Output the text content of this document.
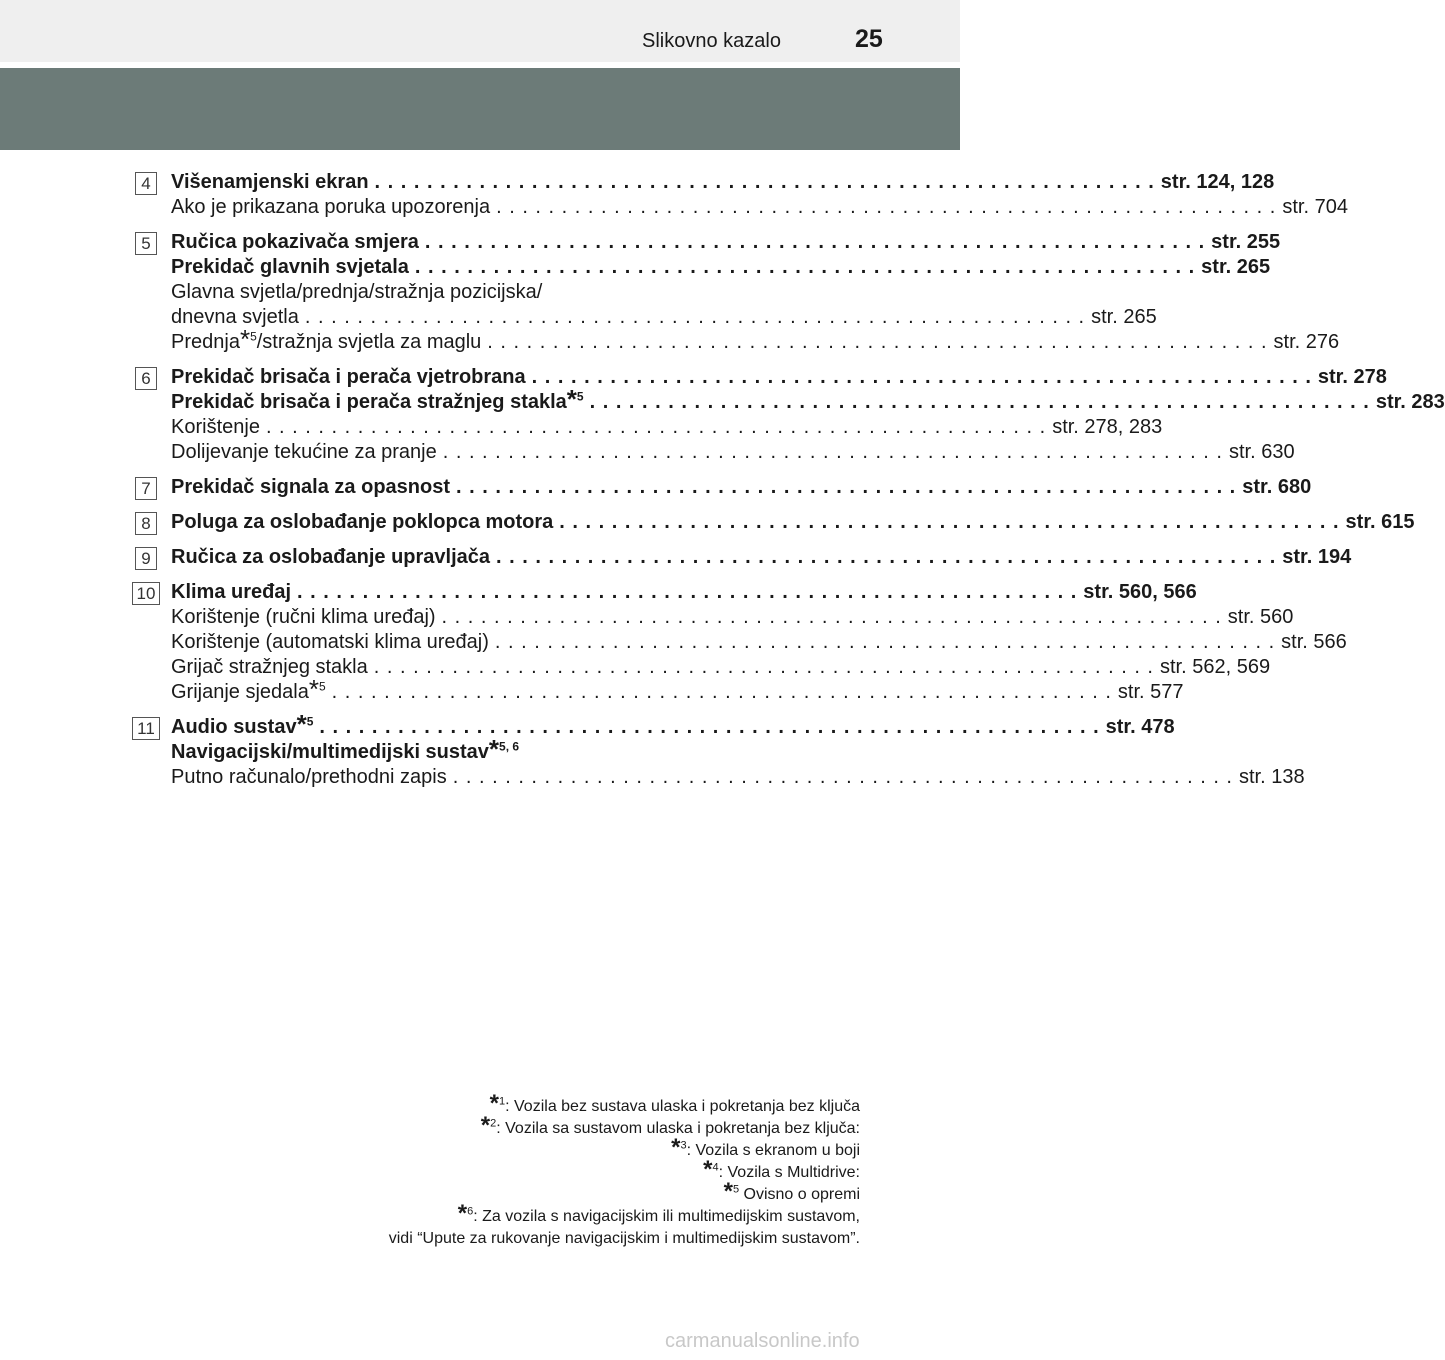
Slikovno kazalo	25
4	Višenamjenski ekran . . . . . . . . . . . . . . . . . . . . . . . . . . . . . . . . . . . . . . . . . . . . . . . . . . . . . . . . . . . . str. 124, 128
Ako je prikazana poruka upozorenja . . . . . . . . . . . . . . . . . . . . . . . . . . . . . . . . . . . . . . . . . . . . . . . . . . . . . . . . . . . . str. 704
5	Ručica pokazivača smjera . . . . . . . . . . . . . . . . . . . . . . . . . . . . . . . . . . . . . . . . . . . . . . . . . . . . . . . . . . . . str. 255
Prekidač glavnih svjetala . . . . . . . . . . . . . . . . . . . . . . . . . . . . . . . . . . . . . . . . . . . . . . . . . . . . . . . . . . . . str. 265
Glavna svjetla/prednja/stražnja pozicijska/
dnevna svjetla . . . . . . . . . . . . . . . . . . . . . . . . . . . . . . . . . . . . . . . . . . . . . . . . . . . . . . . . . . . . str. 265
Prednja*$^5$/stražnja svjetla za maglu . . . . . . . . . . . . . . . . . . . . . . . . . . . . . . . . . . . . . . . . . . . . . . . . . . . . . . . . . . . . str. 276
6	Prekidač brisača i perača vjetrobrana . . . . . . . . . . . . . . . . . . . . . . . . . . . . . . . . . . . . . . . . . . . . . . . . . . . . . . . . . . . . str. 278
Prekidač brisača i perača stražnjeg stakla*$^5$ . . . . . . . . . . . . . . . . . . . . . . . . . . . . . . . . . . . . . . . . . . . . . . . . . . . . . . . . . . . . str. 283
Korištenje . . . . . . . . . . . . . . . . . . . . . . . . . . . . . . . . . . . . . . . . . . . . . . . . . . . . . . . . . . . . str. 278, 283
Dolijevanje tekućine za pranje . . . . . . . . . . . . . . . . . . . . . . . . . . . . . . . . . . . . . . . . . . . . . . . . . . . . . . . . . . . . str. 630
7	Prekidač signala za opasnost . . . . . . . . . . . . . . . . . . . . . . . . . . . . . . . . . . . . . . . . . . . . . . . . . . . . . . . . . . . . str. 680
8	Poluga za oslobađanje poklopca motora . . . . . . . . . . . . . . . . . . . . . . . . . . . . . . . . . . . . . . . . . . . . . . . . . . . . . . . . . . . . str. 615
9	Ručica za oslobađanje upravljača . . . . . . . . . . . . . . . . . . . . . . . . . . . . . . . . . . . . . . . . . . . . . . . . . . . . . . . . . . . . str. 194
10 Klima uređaj . . . . . . . . . . . . . . . . . . . . . . . . . . . . . . . . . . . . . . . . . . . . . . . . . . . . . . . . . . . . str. 560, 566
Korištenje (ručni klima uređaj) . . . . . . . . . . . . . . . . . . . . . . . . . . . . . . . . . . . . . . . . . . . . . . . . . . . . . . . . . . . . str. 560
Korištenje (automatski klima uređaj) . . . . . . . . . . . . . . . . . . . . . . . . . . . . . . . . . . . . . . . . . . . . . . . . . . . . . . . . . . . . str. 566
Grijač stražnjeg stakla . . . . . . . . . . . . . . . . . . . . . . . . . . . . . . . . . . . . . . . . . . . . . . . . . . . . . . . . . . . . str. 562, 569
Grijanje sjedala*$^5$ . . . . . . . . . . . . . . . . . . . . . . . . . . . . . . . . . . . . . . . . . . . . . . . . . . . . . . . . . . . . str. 577
11 Audio sustav*$^5$ . . . . . . . . . . . . . . . . . . . . . . . . . . . . . . . . . . . . . . . . . . . . . . . . . . . . . . . . . . . . str. 478
Navigacijski/multimedijski sustav*$^{5, 6}$
Putno računalo/prethodni zapis . . . . . . . . . . . . . . . . . . . . . . . . . . . . . . . . . . . . . . . . . . . . . . . . . . . . . . . . . . . . str. 138
*$^1$: Vozila bez sustava ulaska i pokretanja bez ključa
*$^2$: Vozila sa sustavom ulaska i pokretanja bez ključa:
*$^3$: Vozila s ekranom u boji
*$^4$: Vozila s Multidrive:
*$^5$ Ovisno o opremi
*$^6$: Za vozila s navigacijskim ili multimedijskim sustavom,
vidi “Upute za rukovanje navigacijskim i multimedijskim sustavom”.
carmanualsonline.info
